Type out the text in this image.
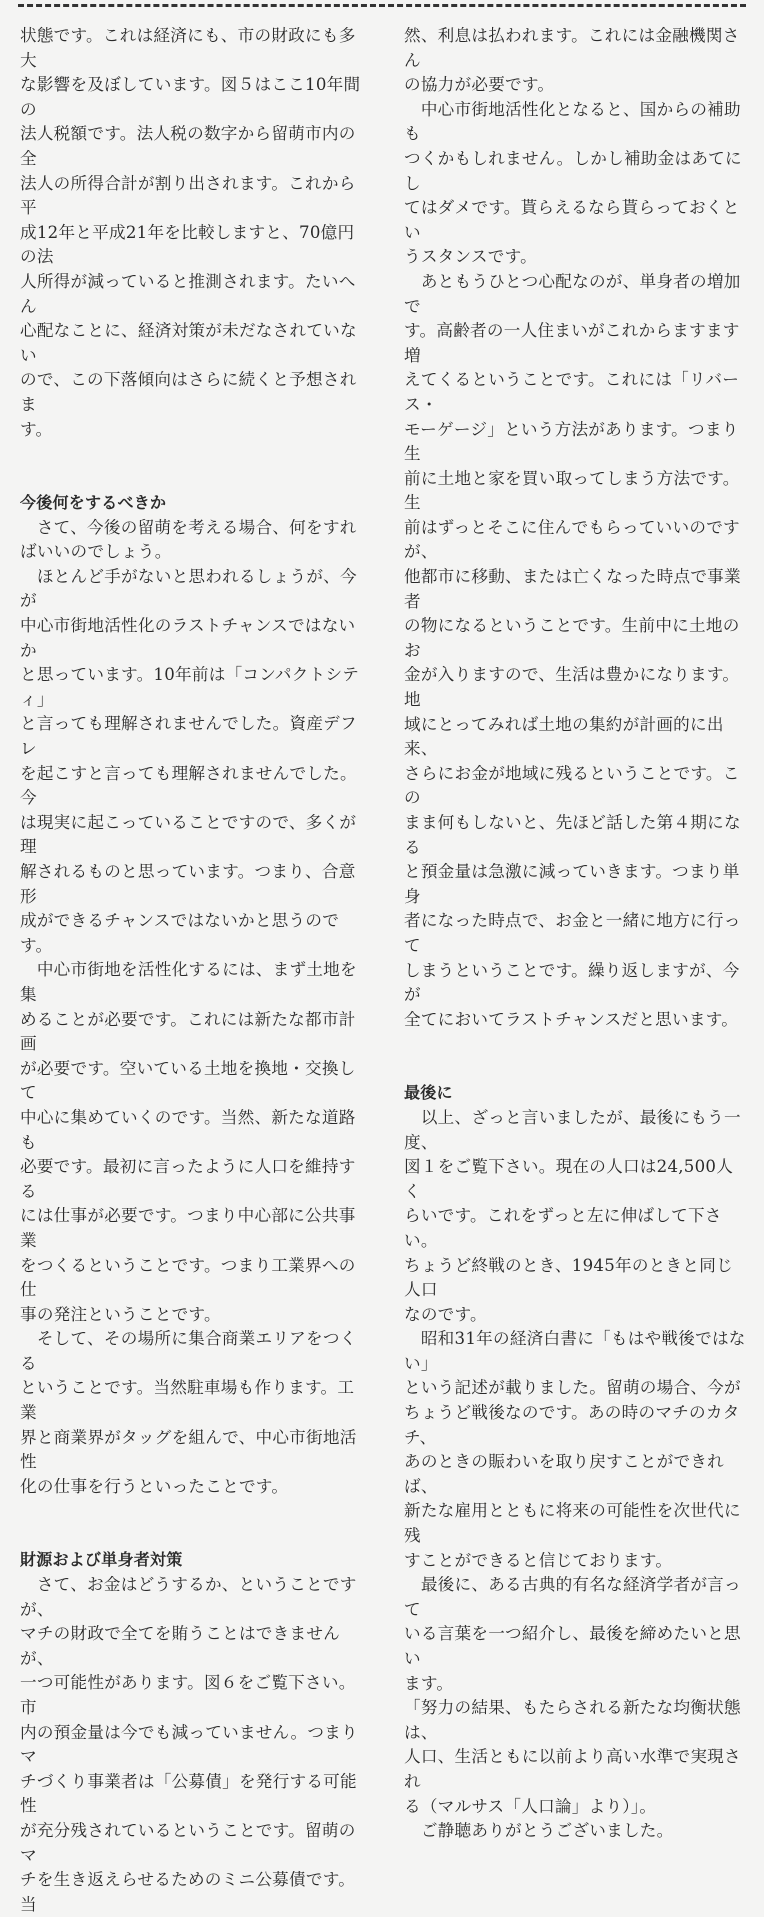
状態です。これは経済にも、市の財政にも多大
な影響を及ぼしています。図５はここ10年間の
法人税額です。法人税の数字から留萌市内の全
法人の所得合計が割り出されます。これから平
成12年と平成21年を比較しますと、70億円の法
人所得が減っていると推測されます。たいへん
心配なことに、経済対策が未だなされていない
ので、この下落傾向はさらに続くと予想されま
す。

今後何をするべきか

　さて、今後の留萌を考える場合、何をすればいいのでしょう。

　ほとんど手がないと思われるしょうが、今が
中心市街地活性化のラストチャンスではないか
と思っています。10年前は「コンパクトシティ」
と言っても理解されませんでした。資産デフレ
を起こすと言っても理解されませんでした。今
は現実に起こっていることですので、多くが理
解されるものと思っています。つまり、合意形
成ができるチャンスではないかと思うのです。

　中心市街地を活性化するには、まず土地を集
めることが必要です。これには新たな都市計画
が必要です。空いている土地を換地・交換して
中心に集めていくのです。当然、新たな道路も
必要です。最初に言ったように人口を維持する
には仕事が必要です。つまり中心部に公共事業
をつくるということです。つまり工業界への仕
事の発注ということです。

　そして、その場所に集合商業エリアをつくる
ということです。当然駐車場も作ります。工業
界と商業界がタッグを組んで、中心市街地活性
化の仕事を行うといったことです。

財源および単身者対策

　さて、お金はどうするか、ということですが、
マチの財政で全てを賄うことはできませんが、
一つ可能性があります。図６をご覧下さい。市
内の預金量は今でも減っていません。つまりマ
チづくり事業者は「公募債」を発行する可能性
が充分残されているということです。留萌のマ
チを生き返えらせるためのミニ公募債です。当

然、利息は払われます。これには金融機関さん
の協力が必要です。

　中心市街地活性化となると、国からの補助も
つくかもしれません。しかし補助金はあてにし
てはダメです。貰らえるなら貰らっておくとい
うスタンスです。

　あともうひとつ心配なのが、単身者の増加で
す。高齢者の一人住まいがこれからますます増
えてくるということです。これには「リバース・
モーゲージ」という方法があります。つまり生
前に土地と家を買い取ってしまう方法です。生
前はずっとそこに住んでもらっていいのですが、
他都市に移動、または亡くなった時点で事業者
の物になるということです。生前中に土地のお
金が入りますので、生活は豊かになります。地
域にとってみれば土地の集約が計画的に出来、
さらにお金が地域に残るということです。この
まま何もしないと、先ほど話した第４期になる
と預金量は急激に減っていきます。つまり単身
者になった時点で、お金と一緒に地方に行って
しまうということです。繰り返しますが、今が
全てにおいてラストチャンスだと思います。

最後に

　以上、ざっと言いましたが、最後にもう一度、
図１をご覧下さい。現在の人口は24,500人く
らいです。これをずっと左に伸ばして下さい。
ちょうど終戦のとき、1945年のときと同じ人口
なのです。

　昭和31年の経済白書に「もはや戦後ではない」
という記述が載りました。留萌の場合、今が
ちょうど戦後なのです。あの時のマチのカタチ、
あのときの賑わいを取り戻すことができれば、
新たな雇用とともに将来の可能性を次世代に残
すことができると信じております。

　最後に、ある古典的有名な経済学者が言って
いる言葉を一つ紹介し、最後を締めたいと思い
ます。

「努力の結果、もたらされる新たな均衡状態は、
人口、生活ともに以前より高い水準で実現され
る（マルサス「人口論」より）」。

　ご静聴ありがとうございました。
